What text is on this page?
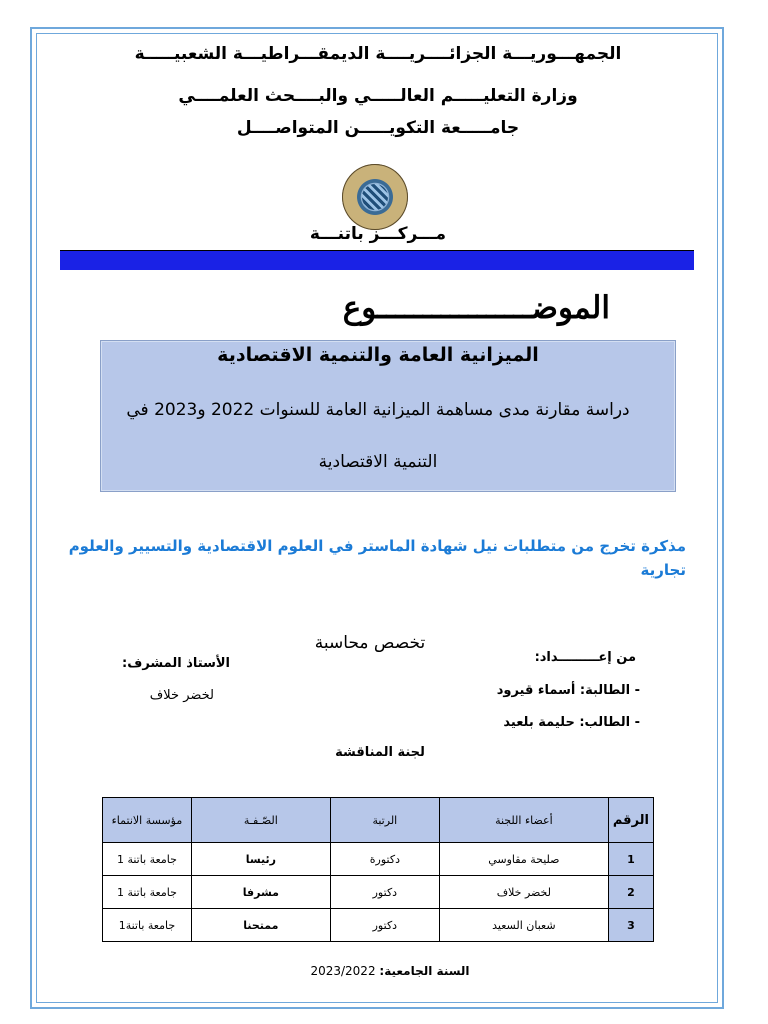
الجمهـــوريـــة الجزائــــريــــة الديمقـــراطيـــة الشعبيـــــة
وزارة التعليـــــم العالـــــي والبــــحث العلمــــي
جامـــــعة التكويـــــن المتواصــــل
مـــركـــز باتنـــة
الموضـــــــــــــــــوع
الميزانية العامة والتنمية الاقتصادية
دراسة مقارنة مدى مساهمة الميزانية العامة للسنوات 2022 و2023 في
التنمية الاقتصادية
مذكرة تخرج من متطلبات نيل شهادة الماستر في العلوم الاقتصادية والتسيير والعلوم تجارية
تخصص محاسبة
من إعـــــــــداد:
الأستاذ المشرف:
لخضر خلاف	- الطالبة: أسماء قيرود
- الطالب: حليمة بلعيد
لجنة المناقشة
الرقم	أعضاء اللجنة	الرتبة	الصّـفـة	مؤسسة الانتماء
1	صليحة مقاوسي	دكتورة	رئيسا	جامعة باتنة 1
2	لخضر خلاف	دكتور	مشرفا	جامعة باتنة 1
3	شعبان السعيد	دكتور	ممتحنا	جامعة باتنة1
السنة الجامعية: 2023/2022
